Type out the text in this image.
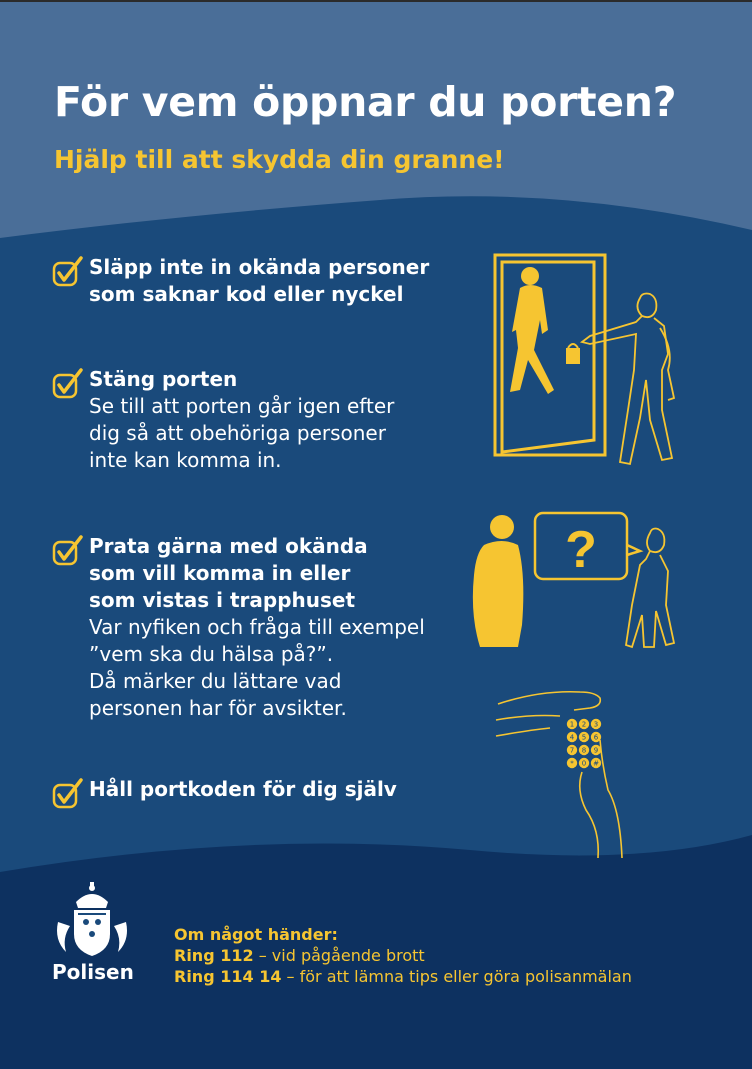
För vem öppnar du porten?
Hjälp till att skydda din granne!
Släpp inte in okända personer
som saknar kod eller nyckel
Stäng porten
Se till att porten går igen efter
dig så att obehöriga personer
inte kan komma in.
Prata gärna med okända
som vill komma in eller
som vistas i trapphuset
Var nyfiken och fråga till exempel
”vem ska du hälsa på?”.
Då märker du lättare vad
personen har för avsikter.
Håll portkoden för dig själv
?
1 2 3
4 5 6
7 8 9
* 0 #
Polisen
Om något händer:
Ring 112 – vid pågående brott
Ring 114 14 – för att lämna tips eller göra polisanmälan
